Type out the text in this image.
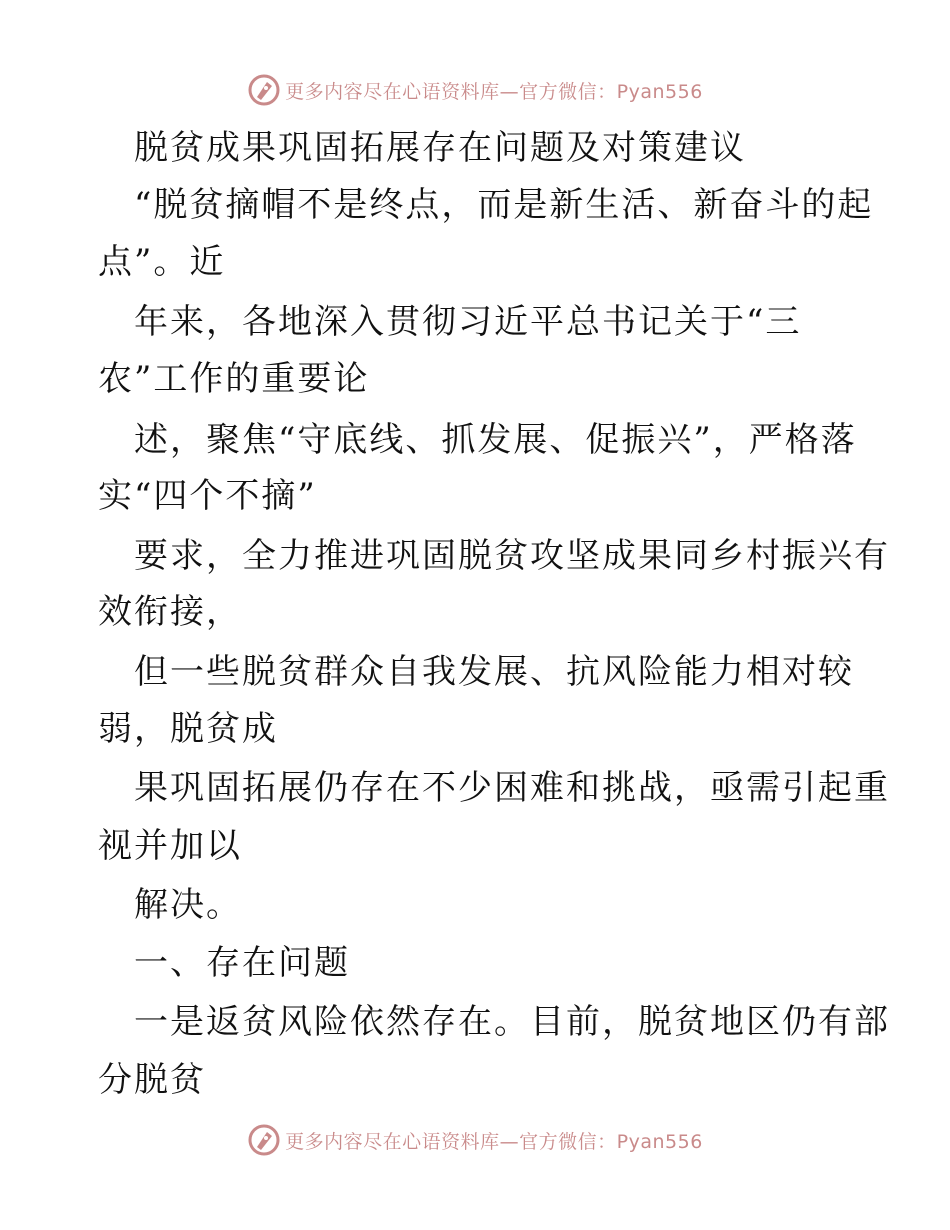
更多内容尽在心语资料库—官方微信：Pyan556
脱贫成果巩固拓展存在问题及对策建议
“脱贫摘帽不是终点，而是新生活、新奋斗的起
点”。近
年来，各地深入贯彻习近平总书记关于“三
农”工作的重要论
述，聚焦“守底线、抓发展、促振兴”，严格落
实“四个不摘”
要求，全力推进巩固脱贫攻坚成果同乡村振兴有
效衔接，
但一些脱贫群众自我发展、抗风险能力相对较
弱，脱贫成
果巩固拓展仍存在不少困难和挑战，亟需引起重
视并加以
解决。
一、存在问题
一是返贫风险依然存在。目前，脱贫地区仍有部
分脱贫
更多内容尽在心语资料库—官方微信：Pyan556
